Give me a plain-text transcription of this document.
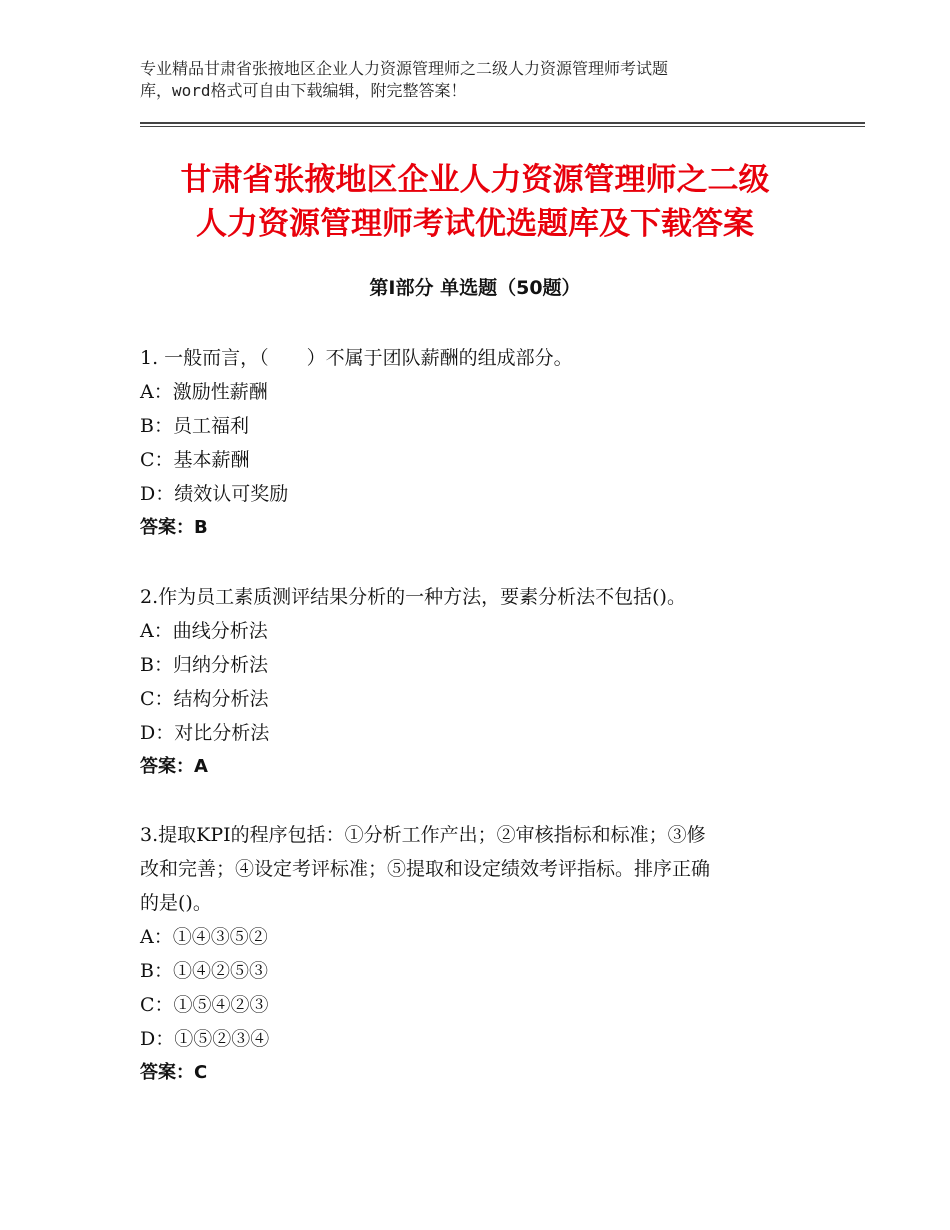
专业精品甘肃省张掖地区企业人力资源管理师之二级人力资源管理师考试题
库，word格式可自由下载编辑，附完整答案！
甘肃省张掖地区企业人力资源管理师之二级
人力资源管理师考试优选题库及下载答案
第Ⅰ部分 单选题（50题）
1. 一般而言，（　　）不属于团队薪酬的组成部分。
A：激励性薪酬
B：员工福利
C：基本薪酬
D：绩效认可奖励
答案：B
2.作为员工素质测评结果分析的一种方法，要素分析法不包括()。
A：曲线分析法
B：归纳分析法
C：结构分析法
D：对比分析法
答案：A
3.提取KPI的程序包括：①分析工作产出；②审核指标和标准；③修
改和完善；④设定考评标准；⑤提取和设定绩效考评指标。排序正确
的是()。
A：①④③⑤②
B：①④②⑤③
C：①⑤④②③
D：①⑤②③④
答案：C
